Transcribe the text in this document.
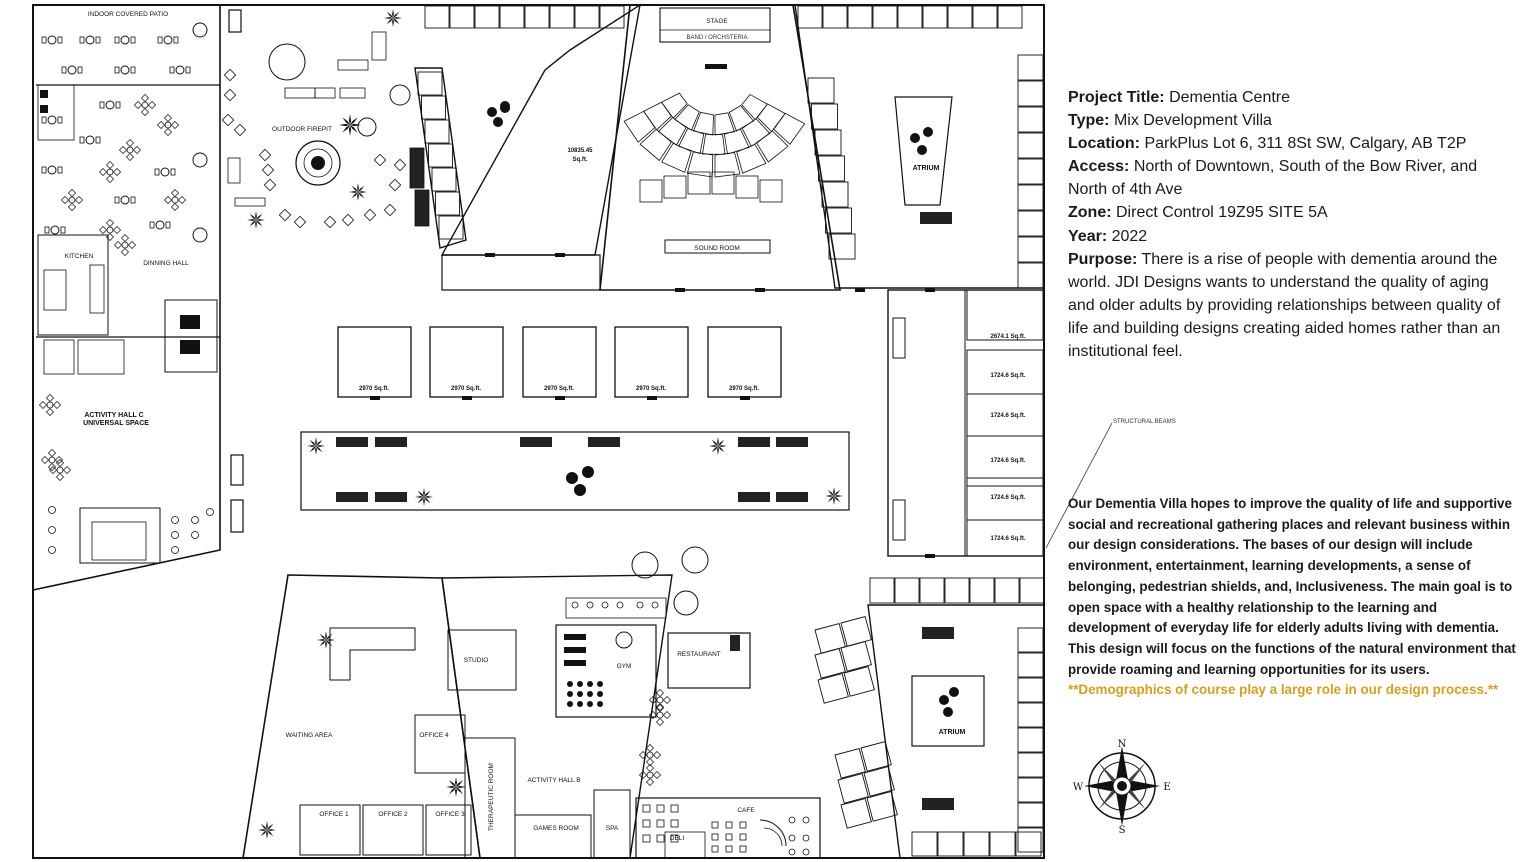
INDOOR COVERED PATIO
OUTDOOR FIREPIT
STAGE
BAND / ORCHSTERIA
SOUND ROOM
10835.45
Sq.ft.
ATRIUM
KITCHEN
DINNING HALL
ACTIVITY HALL C
UNIVERSAL SPACE
2970 Sq.ft.	2970 Sq.ft.	2970 Sq.ft.	2970 Sq.ft.	2970 Sq.ft.
2674.1 Sq.ft.
1724.6 Sq.ft.
1724.6 Sq.ft.
1724.6 Sq.ft.
1724.6 Sq.ft.
1724.6 Sq.ft.
STRUCTURAL BEAMS
WAITING AREA
STUDIO
GYM
RESTAURANT
OFFICE 4
OFFICE 1	OFFICE 2	OFFICE 3	THERAPEUTIC ROOM	ACTIVITY HALL B
GAMES ROOM	SPA
CAFE
DELI
ATRIUM

Project Title: Dementia Centre

Type: Mix Development Villa

Location: ParkPlus Lot 6, 311 8St SW, Calgary, AB T2P

Access: North of Downtown, South of the Bow River, and North of 4th Ave

Zone: Direct Control 19Z95 SITE 5A

Year: 2022

Purpose: There is a rise of people with dementia around the world. JDI Designs wants to understand the quality of aging and older adults by providing relationships between quality of life and building designs creating aided homes rather than an institutional feel.

Our Dementia Villa hopes to improve the quality of life and supportive social and recreational gathering places and relevant business within our design considerations. The bases of our design will include environment, entertainment, learning developments, a sense of belonging, pedestrian shields, and, Inclusiveness. The main goal is to open space with a healthy relationship to the learning and development of everyday life for elderly adults living with dementia. This design will focus on the functions of the natural environment that provide roaming and learning opportunities for its users. **Demographics of course play a large role in our design process.**
N
S
E
W
